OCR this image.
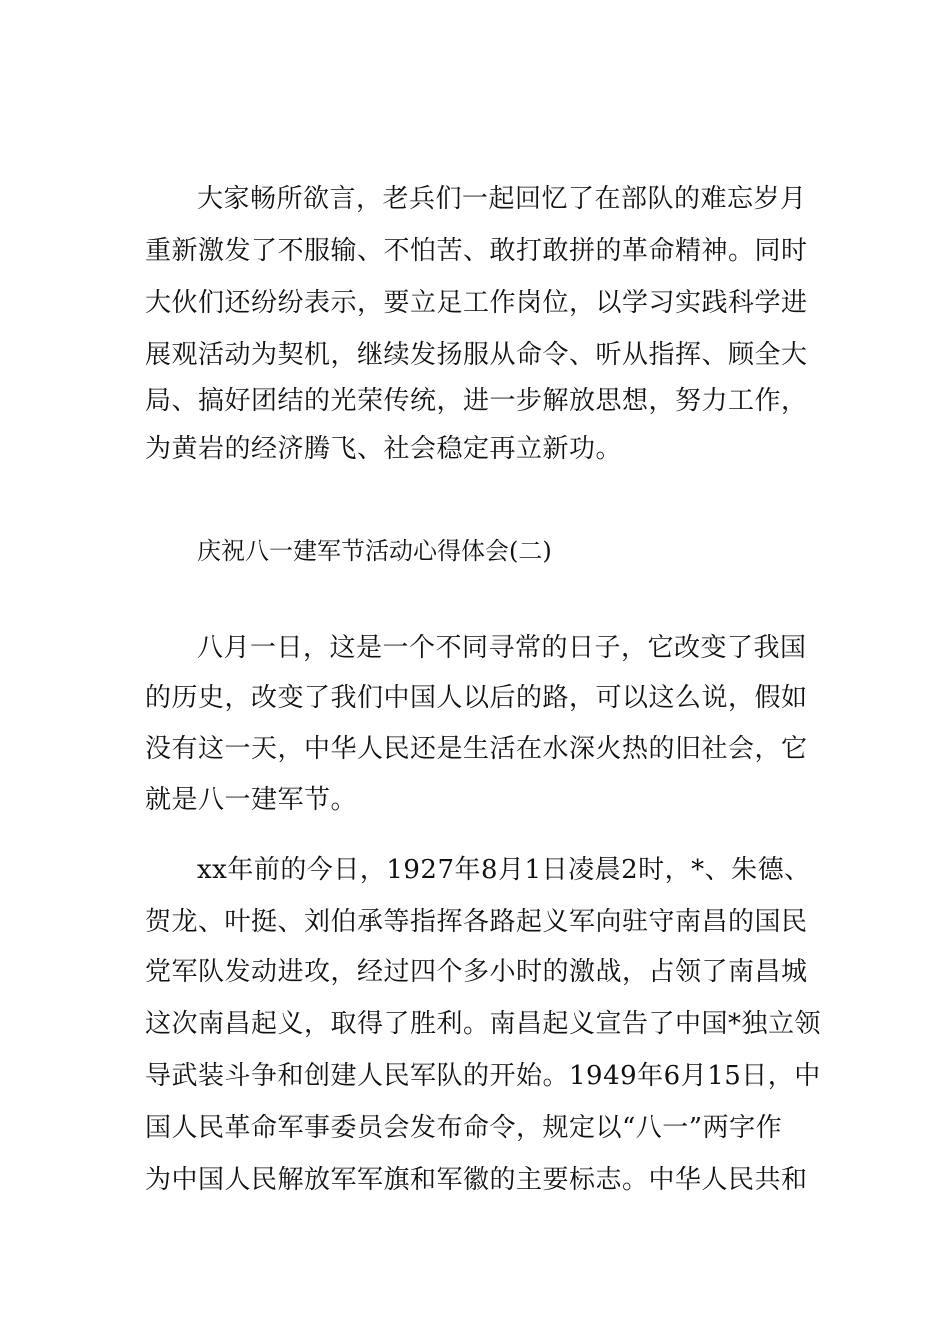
大家畅所欲言，老兵们一起回忆了在部队的难忘岁月
重新激发了不服输、不怕苦、敢打敢拼的革命精神。同时
大伙们还纷纷表示，要立足工作岗位，以学习实践科学进
展观活动为契机，继续发扬服从命令、听从指挥、顾全大
局、搞好团结的光荣传统，进一步解放思想，努力工作，
为黄岩的经济腾飞、社会稳定再立新功。
庆祝八一建军节活动心得体会(二)
八月一日，这是一个不同寻常的日子，它改变了我国
的历史，改变了我们中国人以后的路，可以这么说，假如
没有这一天，中华人民还是生活在水深火热的旧社会，它
就是八一建军节。
xx年前的今日，1927年8月1日凌晨2时，*、朱德、
贺龙、叶挺、刘伯承等指挥各路起义军向驻守南昌的国民
党军队发动进攻，经过四个多小时的激战，占领了南昌城
这次南昌起义，取得了胜利。南昌起义宣告了中国*独立领
导武装斗争和创建人民军队的开始。1949年6月15日，中
国人民革命军事委员会发布命令，规定以“八一”两字作
为中国人民解放军军旗和军徽的主要标志。中华人民共和
